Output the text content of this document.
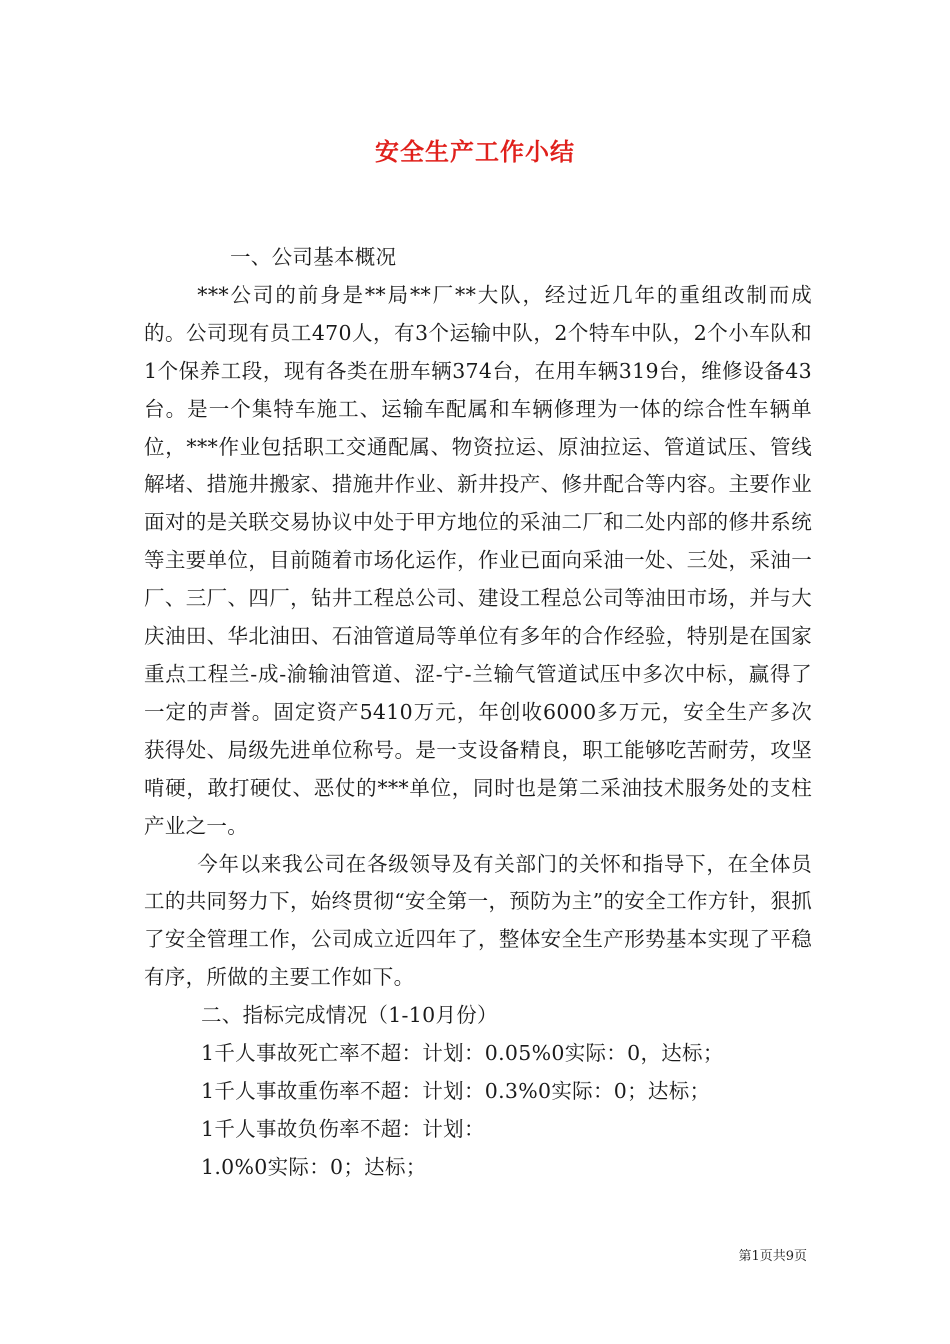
安全生产工作小结

一、公司基本概况

***公司的前身是**局**厂**大队，经过近几年的重组改制而成的。公司现有员工470人，有3个运输中队，2个特车中队，2个小车队和1个保养工段，现有各类在册车辆374台，在用车辆319台，维修设备43台。是一个集特车施工、运输车配属和车辆修理为一体的综合性车辆单位，***作业包括职工交通配属、物资拉运、原油拉运、管道试压、管线解堵、措施井搬家、措施井作业、新井投产、修井配合等内容。主要作业面对的是关联交易协议中处于甲方地位的采油二厂和二处内部的修井系统等主要单位，目前随着市场化运作，作业已面向采油一处、三处，采油一厂、三厂、四厂，钻井工程总公司、建设工程总公司等油田市场，并与大庆油田、华北油田、石油管道局等单位有多年的合作经验，特别是在国家重点工程兰-成-渝输油管道、涩-宁-兰输气管道试压中多次中标，赢得了一定的声誉。固定资产5410万元，年创收6000多万元，安全生产多次获得处、局级先进单位称号。是一支设备精良，职工能够吃苦耐劳，攻坚啃硬，敢打硬仗、恶仗的***单位，同时也是第二采油技术服务处的支柱产业之一。

今年以来我公司在各级领导及有关部门的关怀和指导下，在全体员工的共同努力下，始终贯彻“安全第一，预防为主”的安全工作方针，狠抓了安全管理工作，公司成立近四年了，整体安全生产形势基本实现了平稳有序，所做的主要工作如下。

二、指标完成情况（1-10月份）

1千人事故死亡率不超：计划：0.05%0实际：0，达标；

1千人事故重伤率不超：计划：0.3%0实际：0；达标；

1千人事故负伤率不超：计划：

1.0%0实际：0；达标；

第1页共9页
